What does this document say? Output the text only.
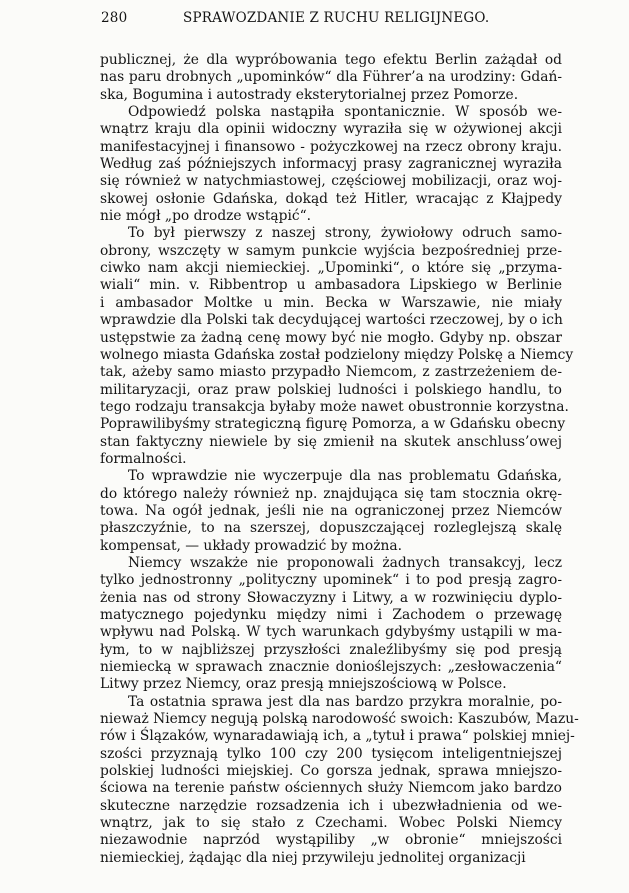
280	SPRAWOZDANIE Z RUCHU RELIGIJNEGO.
publicznej, że dla wypróbowania tego efektu Berlin zażądał od
nas paru drobnych „upominków“ dla Führer’a na urodziny: Gdań-
ska, Bogumina i autostrady eksterytorialnej przez Pomorze.
Odpowiedź polska nastąpiła spontanicznie. W sposób we-
wnątrz kraju dla opinii widoczny wyraziła się w ożywionej akcji
manifestacyjnej i finansowo - pożyczkowej na rzecz obrony kraju.
Według zaś późniejszych informacyj prasy zagranicznej wyraziła
się również w natychmiastowej, częściowej mobilizacji, oraz woj-
skowej osłonie Gdańska, dokąd też Hitler, wracając z Kłajpedy
nie mógł „po drodze wstąpić“.
To był pierwszy z naszej strony, żywiołowy odruch samo-
obrony, wszczęty w samym punkcie wyjścia bezpośredniej prze-
ciwko nam akcji niemieckiej. „Upominki“, o które się „przyma-
wiali“ min. v. Ribbentrop u ambasadora Lipskiego w Berlinie
i ambasador Moltke u min. Becka w Warszawie, nie miały
wprawdzie dla Polski tak decydującej wartości rzeczowej, by o ich
ustępstwie za żadną cenę mowy być nie mogło. Gdyby np. obszar
wolnego miasta Gdańska został podzielony między Polskę a Niemcy
tak, ażeby samo miasto przypadło Niemcom, z zastrzeżeniem de-
militaryzacji, oraz praw polskiej ludności i polskiego handlu, to
tego rodzaju transakcja byłaby może nawet obustronnie korzystna.
Poprawilibyśmy strategiczną figurę Pomorza, a w Gdańsku obecny
stan faktyczny niewiele by się zmienił na skutek anschluss’owej
formalności.
To wprawdzie nie wyczerpuje dla nas problematu Gdańska,
do którego należy również np. znajdująca się tam stocznia okrę-
towa. Na ogół jednak, jeśli nie na ograniczonej przez Niemców
płaszczyźnie, to na szerszej, dopuszczającej rozleglejszą skalę
kompensat, — układy prowadzić by można.
Niemcy wszakże nie proponowali żadnych transakcyj, lecz
tylko jednostronny „polityczny upominek“ i to pod presją zagro-
żenia nas od strony Słowaczyzny i Litwy, a w rozwinięciu dyplo-
matycznego pojedynku między nimi i Zachodem o przewagę
wpływu nad Polską. W tych warunkach gdybyśmy ustąpili w ma-
łym, to w najbliższej przyszłości znaleźlibyśmy się pod presją
niemiecką w sprawach znacznie donioślejszych: „zesłowaczenia“
Litwy przez Niemcy, oraz presją mniejszościową w Polsce.
Ta ostatnia sprawa jest dla nas bardzo przykra moralnie, po-
nieważ Niemcy negują polską narodowość swoich: Kaszubów, Mazu-
rów i Ślązaków, wynaradawiają ich, a „tytuł i prawa“ polskiej mniej-
szości przyznają tylko 100 czy 200 tysięcom inteligentniejszej
polskiej ludności miejskiej. Co gorsza jednak, sprawa mniejszo-
ściowa na terenie państw ościennych służy Niemcom jako bardzo
skuteczne narzędzie rozsadzenia ich i ubezwładnienia od we-
wnątrz, jak to się stało z Czechami. Wobec Polski Niemcy
niezawodnie naprzód wystąpiliby „w obronie“ mniejszości
niemieckiej, żądając dla niej przywileju jednolitej organizacji
